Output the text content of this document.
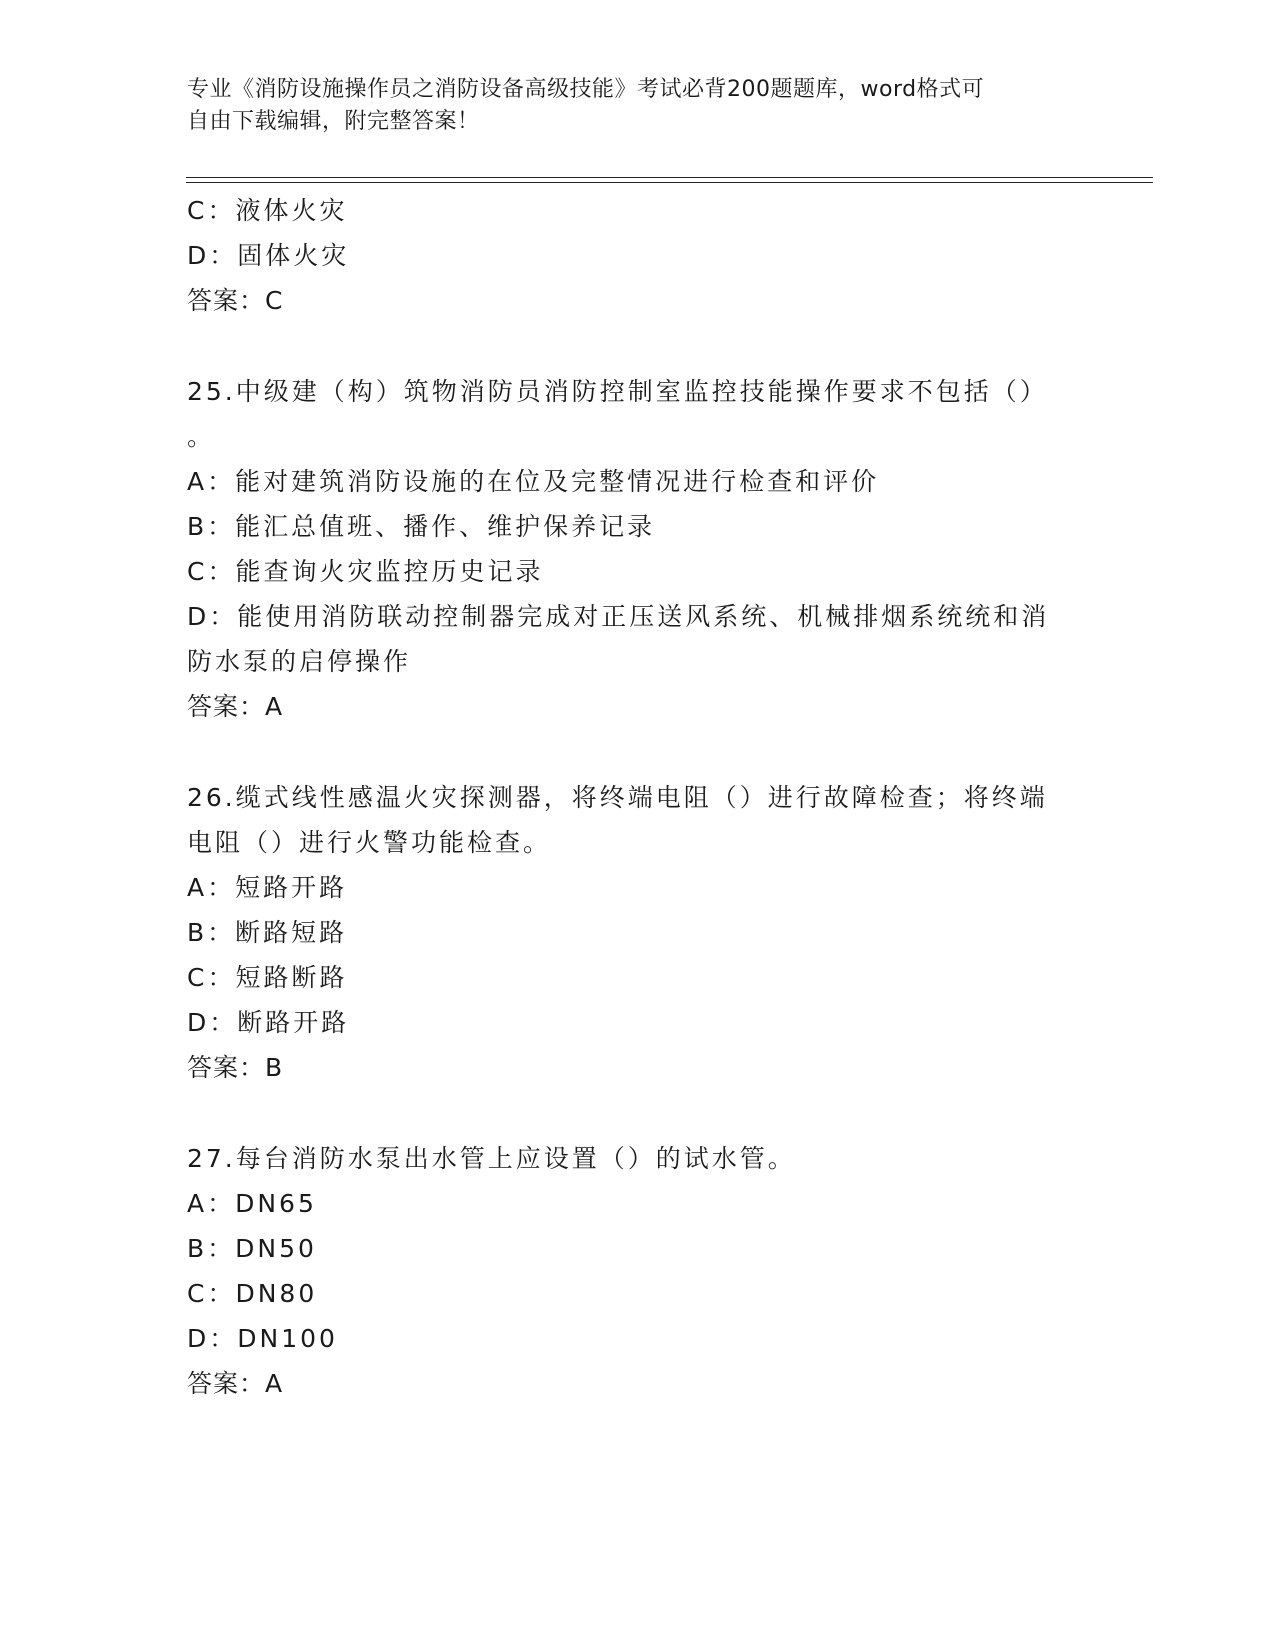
专业《消防设施操作员之消防设备高级技能》考试必背200题题库，word格式可
自由下载编辑，附完整答案！
C：液体火灾
D：固体火灾
答案：C
25.中级建（构）筑物消防员消防控制室监控技能操作要求不包括（）
。
A：能对建筑消防设施的在位及完整情况进行检查和评价
B：能汇总值班、播作、维护保养记录
C：能查询火灾监控历史记录
D：能使用消防联动控制器完成对正压送风系统、机械排烟系统统和消
防水泵的启停操作
答案：A
26.缆式线性感温火灾探测器，将终端电阻（）进行故障检查；将终端
电阻（）进行火警功能检查。
A：短路开路
B：断路短路
C：短路断路
D：断路开路
答案：B
27.每台消防水泵出水管上应设置（）的试水管。
A：DN65
B：DN50
C：DN80
D：DN100
答案：A
